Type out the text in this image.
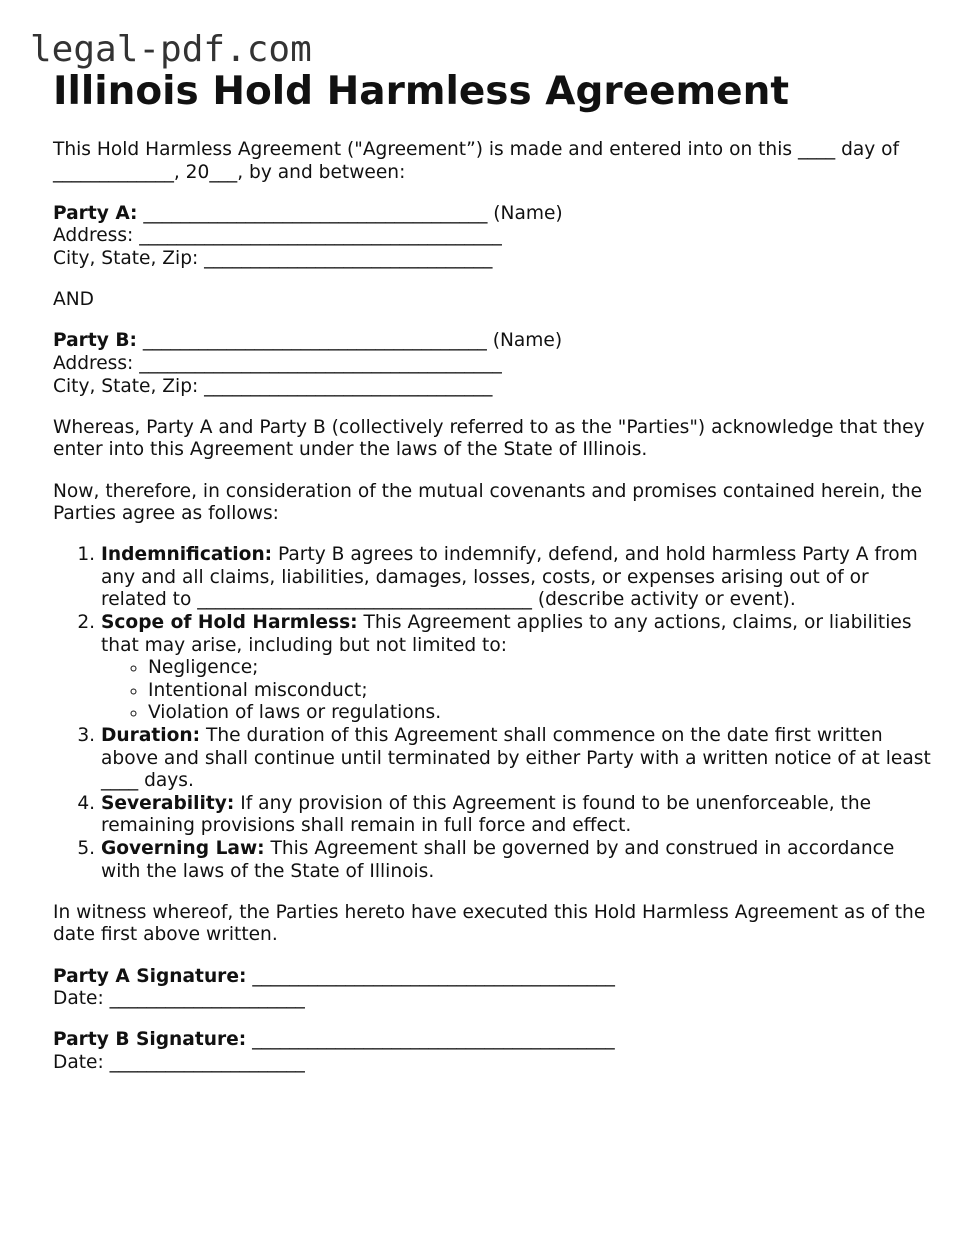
legal-pdf.com
Illinois Hold Harmless Agreement

This Hold Harmless Agreement ("Agreement”) is made and entered into on this ____ day of _____________, 20___, by and between:

Party A: _____________________________________ (Name)

Address: _______________________________________

City, State, Zip: _______________________________

AND

Party B: _____________________________________ (Name)

Address: _______________________________________

City, State, Zip: _______________________________

Whereas, Party A and Party B (collectively referred to as the "Parties") acknowledge that they enter into this Agreement under the laws of the State of Illinois.

Now, therefore, in consideration of the mutual covenants and promises contained herein, the Parties agree as follows:

1. Indemnification: Party B agrees to indemnify, defend, and hold harmless Party A from any and all claims, liabilities, damages, losses, costs, or expenses arising out of or related to ____________________________________ (describe activity or event).
2. Scope of Hold Harmless: This Agreement applies to any actions, claims, or liabilities that may arise, including but not limited to:
◦ Negligence;
◦ Intentional misconduct;
◦ Violation of laws or regulations.
3. Duration: The duration of this Agreement shall commence on the date first written above and shall continue until terminated by either Party with a written notice of at least ____ days.
4. Severability: If any provision of this Agreement is found to be unenforceable, the remaining provisions shall remain in full force and effect.
5. Governing Law: This Agreement shall be governed by and construed in accordance with the laws of the State of Illinois.

In witness whereof, the Parties hereto have executed this Hold Harmless Agreement as of the date first above written.

Party A Signature: _______________________________________

Date: _____________________

Party B Signature: _______________________________________

Date: _____________________
